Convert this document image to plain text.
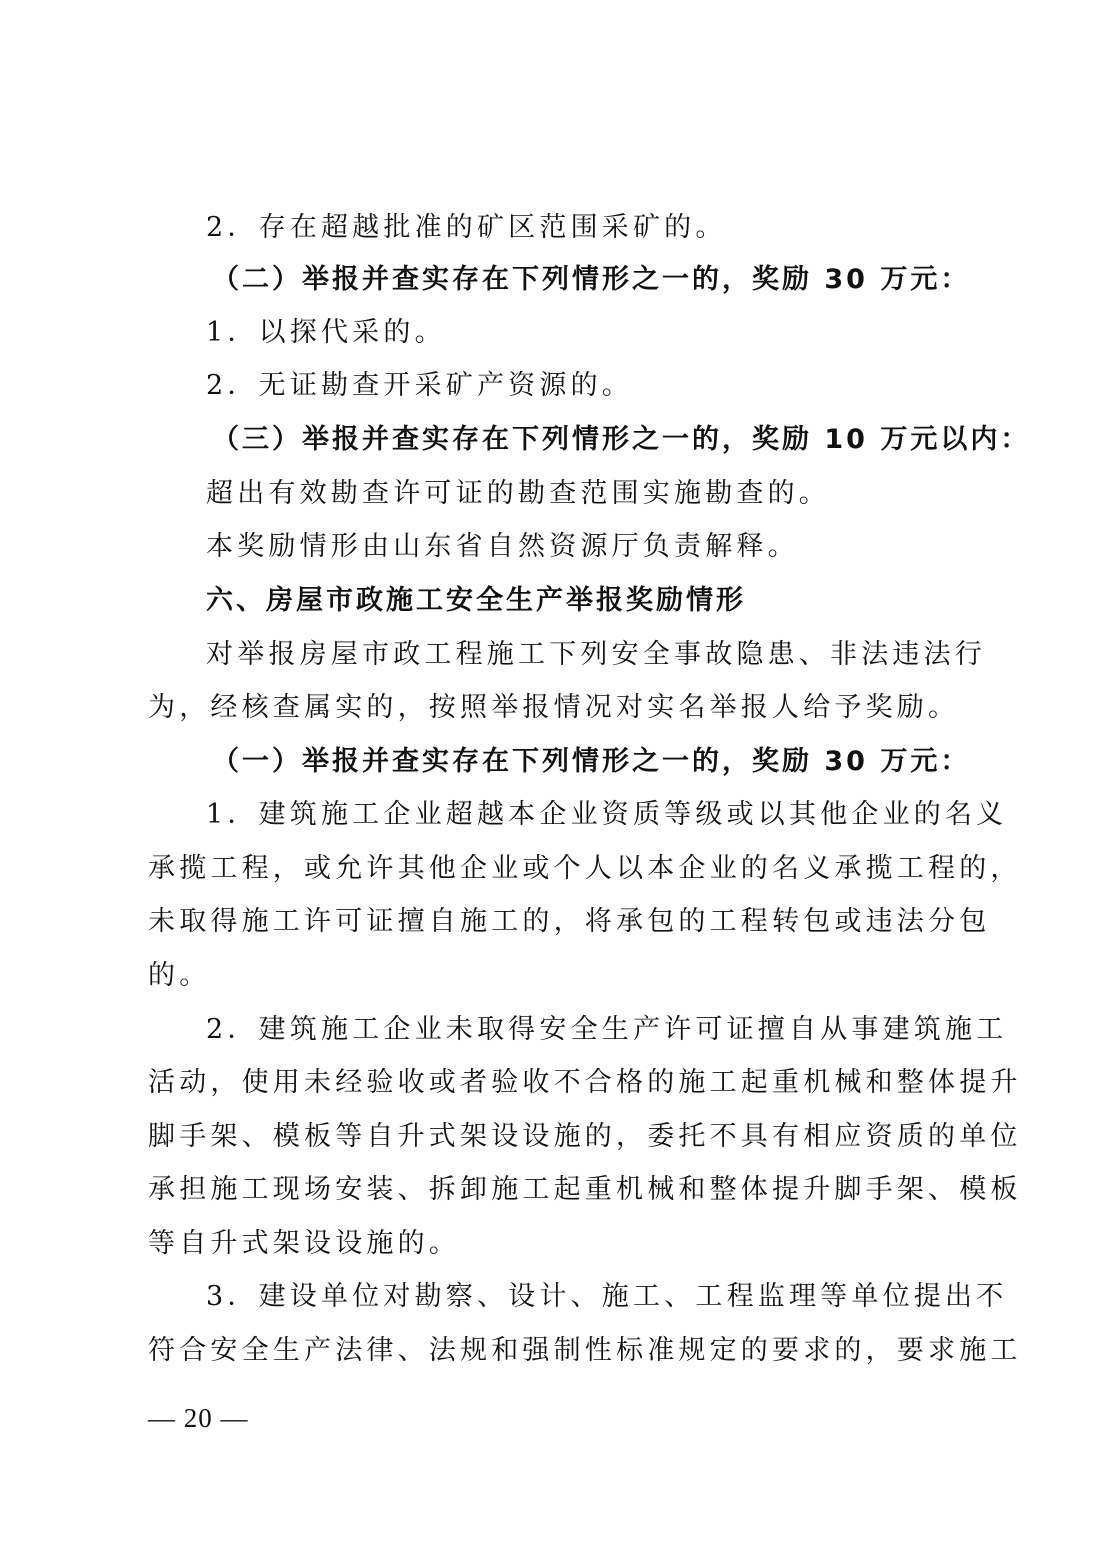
2．存在超越批准的矿区范围采矿的。
（二）举报并查实存在下列情形之一的，奖励 30 万元：
1．以探代采的。
2．无证勘查开采矿产资源的。
（三）举报并查实存在下列情形之一的，奖励 10 万元以内：
超出有效勘查许可证的勘查范围实施勘查的。
本奖励情形由山东省自然资源厅负责解释。
六、房屋市政施工安全生产举报奖励情形
对举报房屋市政工程施工下列安全事故隐患、非法违法行
为，经核查属实的，按照举报情况对实名举报人给予奖励。
（一）举报并查实存在下列情形之一的，奖励 30 万元：
1．建筑施工企业超越本企业资质等级或以其他企业的名义
承揽工程，或允许其他企业或个人以本企业的名义承揽工程的，
未取得施工许可证擅自施工的，将承包的工程转包或违法分包
的。
2．建筑施工企业未取得安全生产许可证擅自从事建筑施工
活动，使用未经验收或者验收不合格的施工起重机械和整体提升
脚手架、模板等自升式架设设施的，委托不具有相应资质的单位
承担施工现场安装、拆卸施工起重机械和整体提升脚手架、模板
等自升式架设设施的。
3．建设单位对勘察、设计、施工、工程监理等单位提出不
符合安全生产法律、法规和强制性标准规定的要求的，要求施工
— 20 —
